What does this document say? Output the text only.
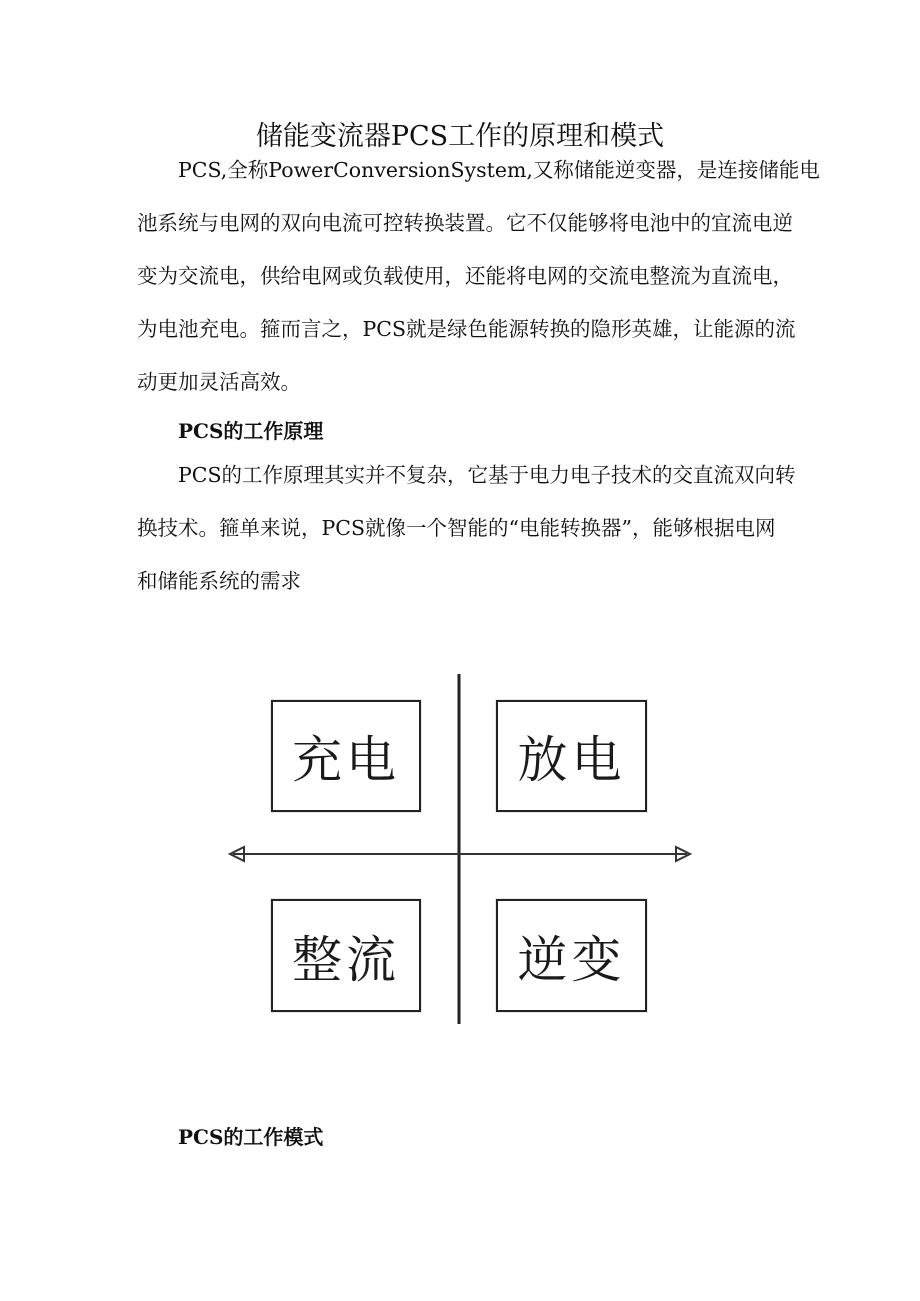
储能变流器PCS工作的原理和模式
PCS,全称PowerConversionSystem,又称储能逆变器，是连接储能电
池系统与电网的双向电流可控转换装置。它不仅能够将电池中的宜流电逆
变为交流电，供给电网或负载使用，还能将电网的交流电整流为直流电，
为电池充电。箍而言之，PCS就是绿色能源转换的隐形英雄，让能源的流
动更加灵活高效。
PCS的工作原理
PCS的工作原理其实并不复杂，它基于电力电子技术的交直流双向转
换技术。箍单来说，PCS就像一个智能的“电能转换器”，能够根据电网
和储能系统的需求
充电	放电
整流	逆变
PCS的工作模式
